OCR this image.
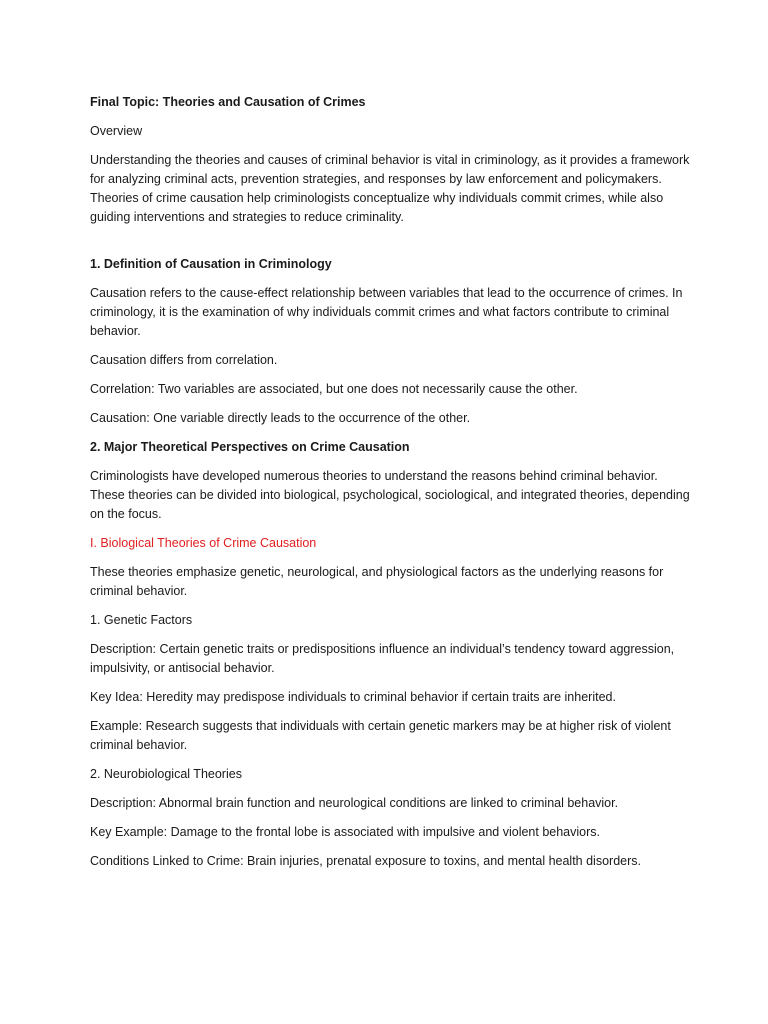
Final Topic: Theories and Causation of Crimes

Overview

Understanding the theories and causes of criminal behavior is vital in criminology, as it provides a framework for analyzing criminal acts, prevention strategies, and responses by law enforcement and policymakers. Theories of crime causation help criminologists conceptualize why individuals commit crimes, while also guiding interventions and strategies to reduce criminality.

1. Definition of Causation in Criminology

Causation refers to the cause-effect relationship between variables that lead to the occurrence of crimes. In criminology, it is the examination of why individuals commit crimes and what factors contribute to criminal behavior.

Causation differs from correlation.

Correlation: Two variables are associated, but one does not necessarily cause the other.

Causation: One variable directly leads to the occurrence of the other.

2. Major Theoretical Perspectives on Crime Causation

Criminologists have developed numerous theories to understand the reasons behind criminal behavior. These theories can be divided into biological, psychological, sociological, and integrated theories, depending on the focus.

I. Biological Theories of Crime Causation

These theories emphasize genetic, neurological, and physiological factors as the underlying reasons for criminal behavior.

1. Genetic Factors

Description: Certain genetic traits or predispositions influence an individual’s tendency toward aggression, impulsivity, or antisocial behavior.

Key Idea: Heredity may predispose individuals to criminal behavior if certain traits are inherited.

Example: Research suggests that individuals with certain genetic markers may be at higher risk of violent criminal behavior.

2. Neurobiological Theories

Description: Abnormal brain function and neurological conditions are linked to criminal behavior.

Key Example: Damage to the frontal lobe is associated with impulsive and violent behaviors.

Conditions Linked to Crime: Brain injuries, prenatal exposure to toxins, and mental health disorders.
